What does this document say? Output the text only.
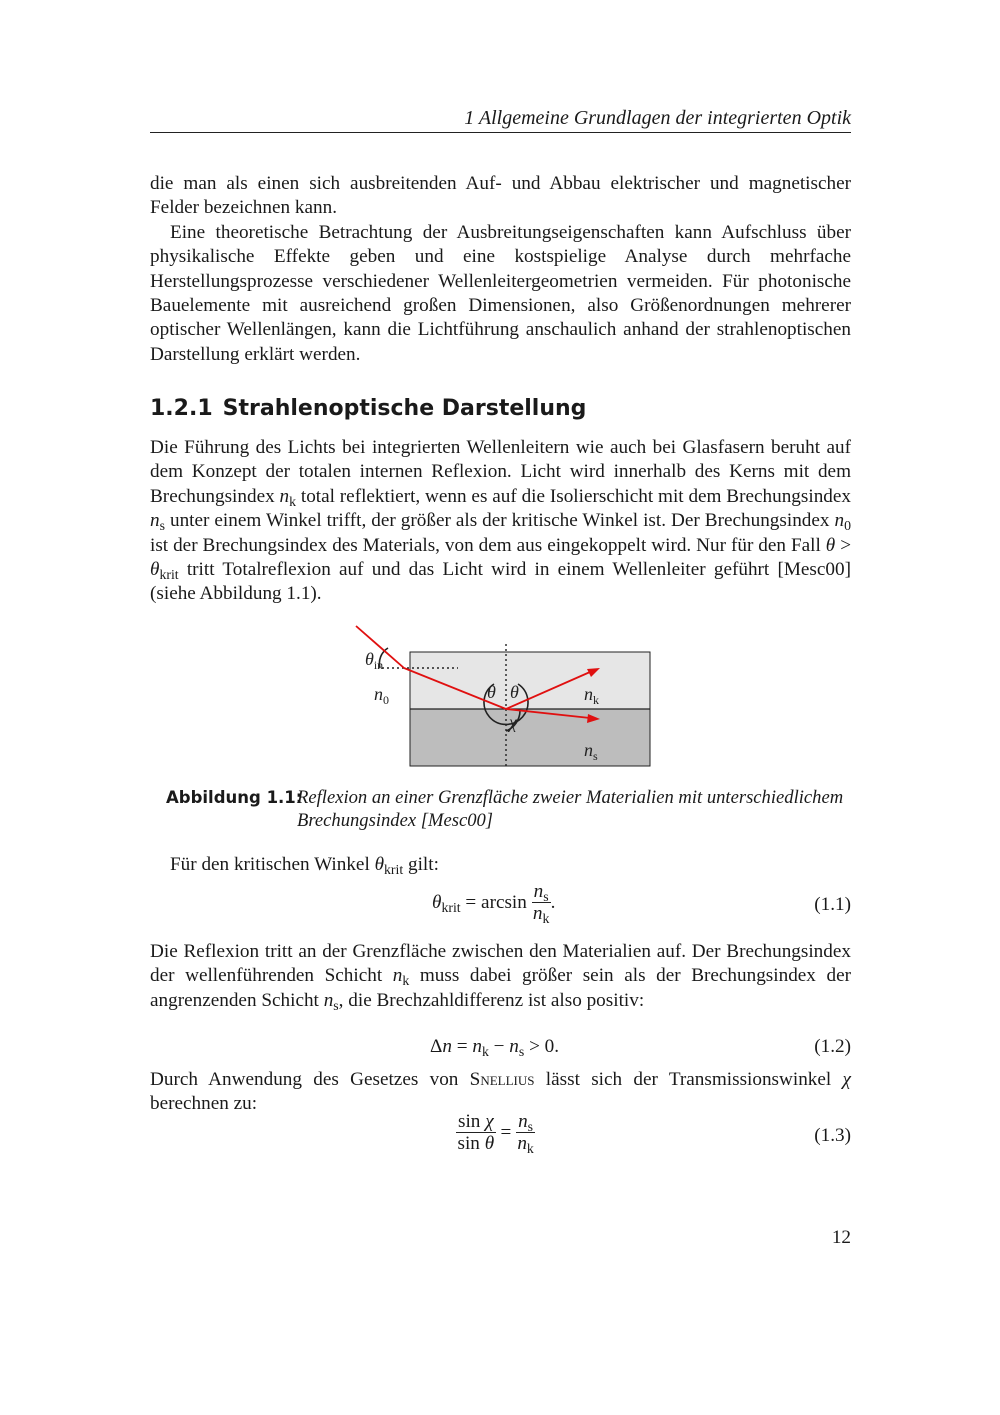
1 Allgemeine Grundlagen der integrierten Optik

die man als einen sich ausbreitenden Auf- und Abbau elektrischer und magnetischer

Felder bezeichnen kann.

Eine theoretische Betrachtung der Ausbreitungseigenschaften kann Aufschluss über physikalische Effekte geben und eine kostspielige Analyse durch mehrfache Herstellungsprozesse verschiedener Wellenleitergeometrien vermeiden. Für photonische Bauelemente mit ausreichend großen Dimensionen, also Größenordnungen mehrerer optischer Wellenlängen, kann die Lichtführung anschaulich anhand der strahlenoptischen Darstellung erklärt werden.

1.2.1 Strahlenoptische Darstellung

Die Führung des Lichts bei integrierten Wellenleitern wie auch bei Glasfasern beruht auf dem Konzept der totalen internen Reflexion. Licht wird innerhalb des Kerns mit dem Brechungsindex $n_k$ total reflektiert, wenn es auf die Isolierschicht mit dem Brechungsindex $n_s$ unter einem Winkel trifft, der größer als der kritische Winkel ist. Der Brechungsindex $n_0$ ist der Brechungsindex des Materials, von dem aus eingekoppelt wird. Nur für den Fall $\theta > \theta_{krit}$ tritt Totalreflexion auf und das Licht wird in einem Wellenleiter geführt [Mesc00] (siehe Abbildung 1.1).

$\theta_{in}$
$n_0$	$n_k$
$n_s$
θ θ
χ
Abbildung 1.1:
Reflexion an einer Grenzfläche zweier Materialien mit unterschiedlichem Brechungsindex [Mesc00]

Für den kritischen Winkel $\theta_{krit}$ gilt:

$\theta_{krit} = \arcsin \frac{n_s}{n_k}$ .	(1.1)

Die Reflexion tritt an der Grenzfläche zwischen den Materialien auf. Der Brechungsindex der wellenführenden Schicht $n_k$ muss dabei größer sein als der Brechungsindex der angrenzenden Schicht $n_s$, die Brechzahldifferenz ist also positiv:

$\Delta n = n_k - n_s > 0$.	(1.2)

Durch Anwendung des Gesetzes von Snellius lässt sich der Transmissionswinkel χ berechnen zu:

$\frac{\text{sin χ}}{\text{sin θ}} = \frac{n_s}{n_k}$	(1.3)
12
